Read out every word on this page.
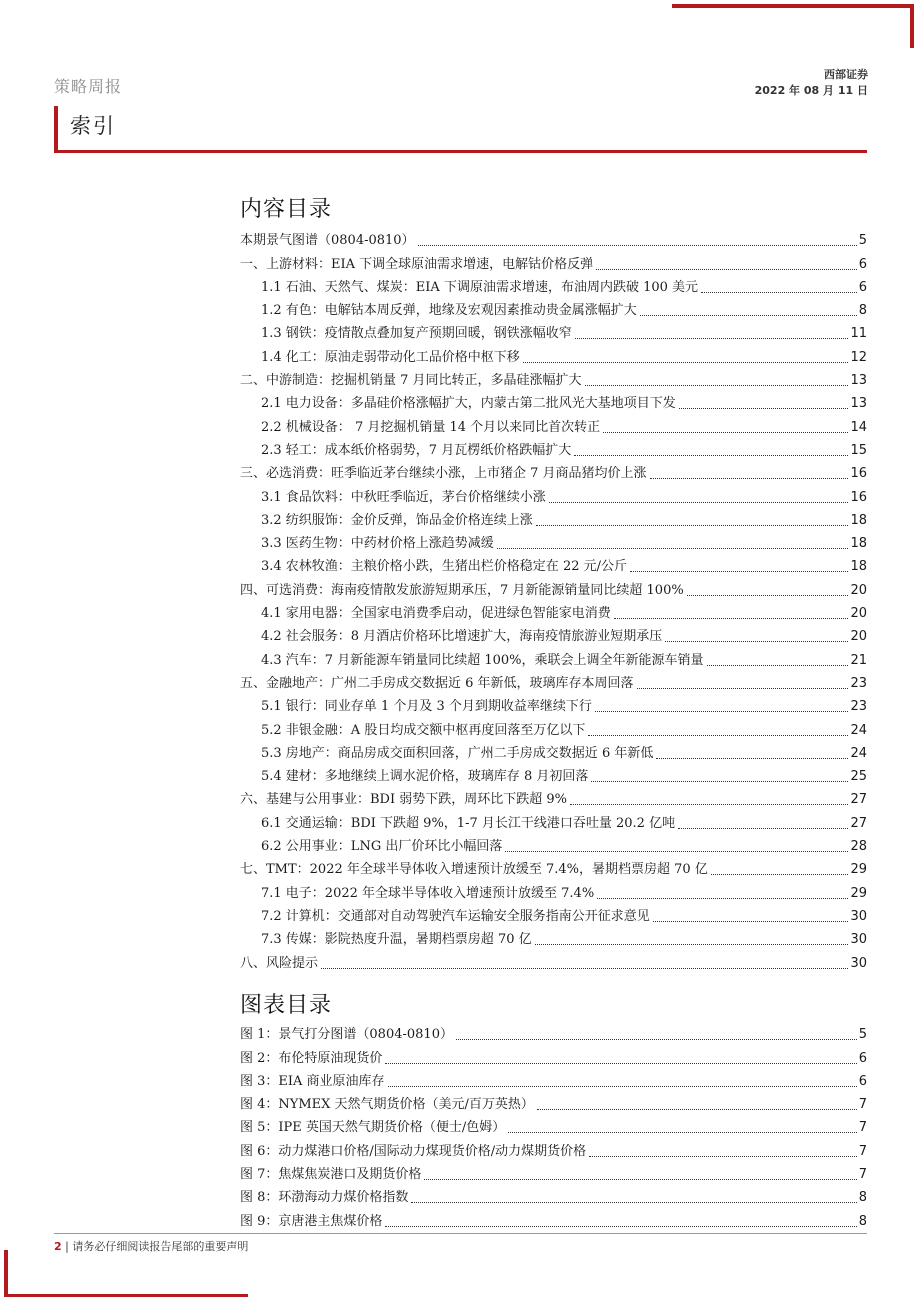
策略周报
西部证券
2022 年 08 月 11 日
索引
内容目录
本期景气图谱（0804-0810）	5
一、上游材料：EIA 下调全球原油需求增速，电解钴价格反弹	6
1.1 石油、天然气、煤炭：EIA 下调原油需求增速，布油周内跌破 100 美元	6
1.2 有色：电解钴本周反弹，地缘及宏观因素推动贵金属涨幅扩大	8
1.3 钢铁：疫情散点叠加复产预期回暖，钢铁涨幅收窄	11
1.4 化工：原油走弱带动化工品价格中枢下移	12
二、中游制造：挖掘机销量 7 月同比转正，多晶硅涨幅扩大	13
2.1 电力设备：多晶硅价格涨幅扩大，内蒙古第二批风光大基地项目下发	13
2.2 机械设备： 7 月挖掘机销量 14 个月以来同比首次转正	14
2.3 轻工：成本纸价格弱势，7 月瓦楞纸价格跌幅扩大	15
三、必选消费：旺季临近茅台继续小涨，上市猪企 7 月商品猪均价上涨	16
3.1 食品饮料：中秋旺季临近，茅台价格继续小涨	16
3.2 纺织服饰：金价反弹，饰品金价格连续上涨	18
3.3 医药生物：中药材价格上涨趋势减缓	18
3.4 农林牧渔：主粮价格小跌，生猪出栏价格稳定在 22 元/公斤	18
四、可选消费：海南疫情散发旅游短期承压，7 月新能源销量同比续超 100%	20
4.1 家用电器：全国家电消费季启动，促进绿色智能家电消费	20
4.2 社会服务：8 月酒店价格环比增速扩大，海南疫情旅游业短期承压	20
4.3 汽车：7 月新能源车销量同比续超 100%，乘联会上调全年新能源车销量	21
五、金融地产：广州二手房成交数据近 6 年新低，玻璃库存本周回落	23
5.1 银行：同业存单 1 个月及 3 个月到期收益率继续下行	23
5.2 非银金融：A 股日均成交额中枢再度回落至万亿以下	24
5.3 房地产：商品房成交面积回落，广州二手房成交数据近 6 年新低	24
5.4 建材：多地继续上调水泥价格，玻璃库存 8 月初回落	25
六、基建与公用事业：BDI 弱势下跌，周环比下跌超 9%	27
6.1 交通运输：BDI 下跌超 9%，1-7 月长江干线港口吞吐量 20.2 亿吨	27
6.2 公用事业：LNG 出厂价环比小幅回落	28
七、TMT：2022 年全球半导体收入增速预计放缓至 7.4%，暑期档票房超 70 亿	29
7.1 电子：2022 年全球半导体收入增速预计放缓至 7.4%	29
7.2 计算机：交通部对自动驾驶汽车运输安全服务指南公开征求意见	30
7.3 传媒：影院热度升温，暑期档票房超 70 亿	30
八、风险提示	30
图表目录
图 1：景气打分图谱（0804-0810）	5
图 2：布伦特原油现货价	6
图 3：EIA 商业原油库存	6
图 4：NYMEX 天然气期货价格（美元/百万英热）	7
图 5：IPE 英国天然气期货价格（便士/色姆）	7
图 6：动力煤港口价格/国际动力煤现货价格/动力煤期货价格	7
图 7：焦煤焦炭港口及期货价格	7
图 8：环渤海动力煤价格指数	8
图 9：京唐港主焦煤价格	8
2 | 请务必仔细阅读报告尾部的重要声明
